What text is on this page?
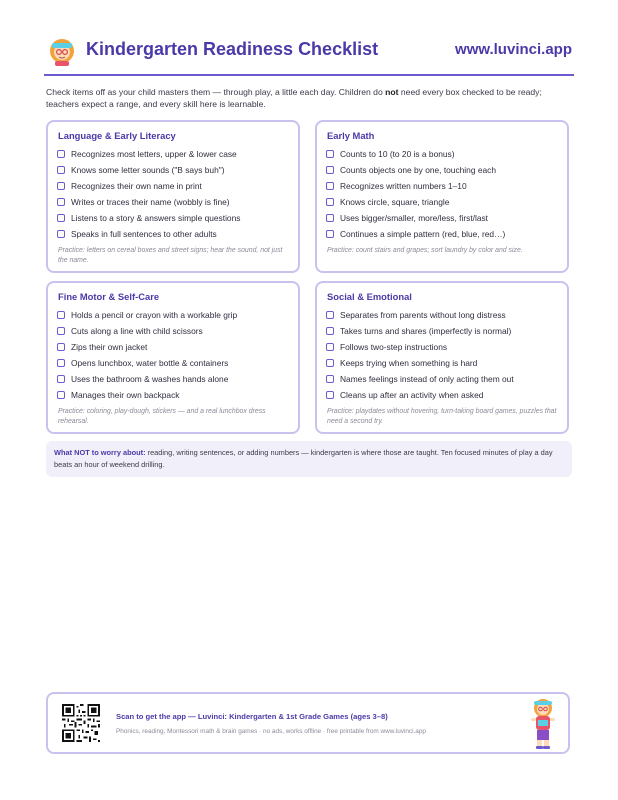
Kindergarten Readiness Checklist	www.luvinci.app
Check items off as your child masters them — through play, a little each day. Children do not need every box checked to be ready; teachers expect a range, and every skill here is learnable.
Language & Early Literacy
Recognizes most letters, upper & lower case
Knows some letter sounds ("B says buh")
Recognizes their own name in print
Writes or traces their name (wobbly is fine)
Listens to a story & answers simple questions
Speaks in full sentences to other adults
Practice: letters on cereal boxes and street signs; hear the sound, not just the name.
Early Math
Counts to 10 (to 20 is a bonus)
Counts objects one by one, touching each
Recognizes written numbers 1–10
Knows circle, square, triangle
Uses bigger/smaller, more/less, first/last
Continues a simple pattern (red, blue, red…)
Practice: count stairs and grapes; sort laundry by color and size.
Fine Motor & Self-Care
Holds a pencil or crayon with a workable grip
Cuts along a line with child scissors
Zips their own jacket
Opens lunchbox, water bottle & containers
Uses the bathroom & washes hands alone
Manages their own backpack
Practice: coloring, play-dough, stickers — and a real lunchbox dress rehearsal.
Social & Emotional
Separates from parents without long distress
Takes turns and shares (imperfectly is normal)
Follows two-step instructions
Keeps trying when something is hard
Names feelings instead of only acting them out
Cleans up after an activity when asked
Practice: playdates without hovering, turn-taking board games, puzzles that need a second try.
What NOT to worry about: reading, writing sentences, or adding numbers — kindergarten is where those are taught. Ten focused minutes of play a day beats an hour of weekend drilling.
Scan to get the app — Luvinci: Kindergarten & 1st Grade Games (ages 3–8)
Phonics, reading, Montessori math & brain games · no ads, works offline · free printable from www.luvinci.app
